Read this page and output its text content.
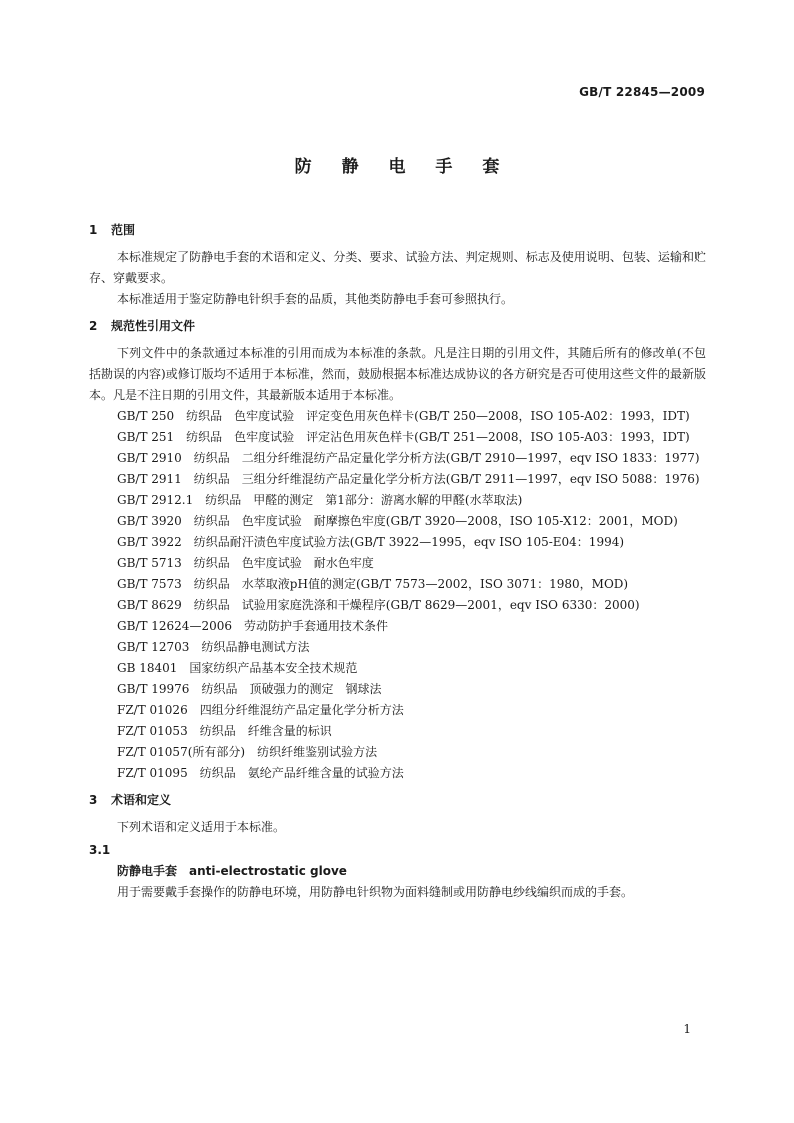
GB/T 22845—2009
防 静 电 手 套
1 范围
本标准规定了防静电手套的术语和定义、分类、要求、试验方法、判定规则、标志及使用说明、包装、运输和贮存、穿戴要求。
本标准适用于鉴定防静电针织手套的品质，其他类防静电手套可参照执行。
2 规范性引用文件
下列文件中的条款通过本标准的引用而成为本标准的条款。凡是注日期的引用文件，其随后所有的修改单(不包括勘误的内容)或修订版均不适用于本标准，然而，鼓励根据本标准达成协议的各方研究是否可使用这些文件的最新版本。凡是不注日期的引用文件，其最新版本适用于本标准。
GB/T 250　纺织品　色牢度试验　评定变色用灰色样卡(GB/T 250—2008，ISO 105-A02：1993，IDT)
GB/T 251　纺织品　色牢度试验　评定沾色用灰色样卡(GB/T 251—2008，ISO 105-A03：1993，IDT)
GB/T 2910　纺织品　二组分纤维混纺产品定量化学分析方法(GB/T 2910—1997，eqv ISO 1833：1977)
GB/T 2911　纺织品　三组分纤维混纺产品定量化学分析方法(GB/T 2911—1997，eqv ISO 5088：1976)
GB/T 2912.1　纺织品　甲醛的测定　第1部分：游离水解的甲醛(水萃取法)
GB/T 3920　纺织品　色牢度试验　耐摩擦色牢度(GB/T 3920—2008，ISO 105-X12：2001，MOD)
GB/T 3922　纺织品耐汗渍色牢度试验方法(GB/T 3922—1995，eqv ISO 105-E04：1994)
GB/T 5713　纺织品　色牢度试验　耐水色牢度
GB/T 7573　纺织品　水萃取液pH值的测定(GB/T 7573—2002，ISO 3071：1980，MOD)
GB/T 8629　纺织品　试验用家庭洗涤和干燥程序(GB/T 8629—2001，eqv ISO 6330：2000)
GB/T 12624—2006　劳动防护手套通用技术条件
GB/T 12703　纺织品静电测试方法
GB 18401　国家纺织产品基本安全技术规范
GB/T 19976　纺织品　顶破强力的测定　钢球法
FZ/T 01026　四组分纤维混纺产品定量化学分析方法
FZ/T 01053　纺织品　纤维含量的标识
FZ/T 01057(所有部分)　纺织纤维鉴别试验方法
FZ/T 01095　纺织品　氨纶产品纤维含量的试验方法
3 术语和定义
下列术语和定义适用于本标准。
3.1
防静电手套 anti-electrostatic glove
用于需要戴手套操作的防静电环境，用防静电针织物为面料缝制或用防静电纱线编织而成的手套。
1
